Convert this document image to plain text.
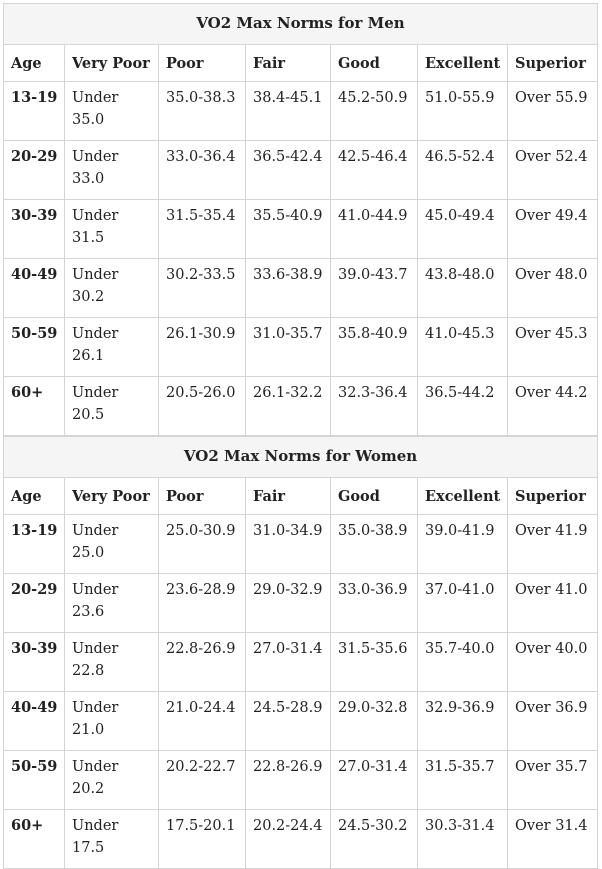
VO2 Max Norms for Men						
Age	Very Poor	Poor	Fair	Good	Excellent	Superior
13-19	Under 35.0	35.0-38.3	38.4-45.1	45.2-50.9	51.0-55.9	Over 55.9
20-29	Under 33.0	33.0-36.4	36.5-42.4	42.5-46.4	46.5-52.4	Over 52.4
30-39	Under 31.5	31.5-35.4	35.5-40.9	41.0-44.9	45.0-49.4	Over 49.4
40-49	Under 30.2	30.2-33.5	33.6-38.9	39.0-43.7	43.8-48.0	Over 48.0
50-59	Under 26.1	26.1-30.9	31.0-35.7	35.8-40.9	41.0-45.3	Over 45.3
60+	Under 20.5	20.5-26.0	26.1-32.2	32.3-36.4	36.5-44.2	Over 44.2
VO2 Max Norms for Women						
Age	Very Poor	Poor	Fair	Good	Excellent	Superior
13-19	Under 25.0	25.0-30.9	31.0-34.9	35.0-38.9	39.0-41.9	Over 41.9
20-29	Under 23.6	23.6-28.9	29.0-32.9	33.0-36.9	37.0-41.0	Over 41.0
30-39	Under 22.8	22.8-26.9	27.0-31.4	31.5-35.6	35.7-40.0	Over 40.0
40-49	Under 21.0	21.0-24.4	24.5-28.9	29.0-32.8	32.9-36.9	Over 36.9
50-59	Under 20.2	20.2-22.7	22.8-26.9	27.0-31.4	31.5-35.7	Over 35.7
60+	Under 17.5	17.5-20.1	20.2-24.4	24.5-30.2	30.3-31.4	Over 31.4
